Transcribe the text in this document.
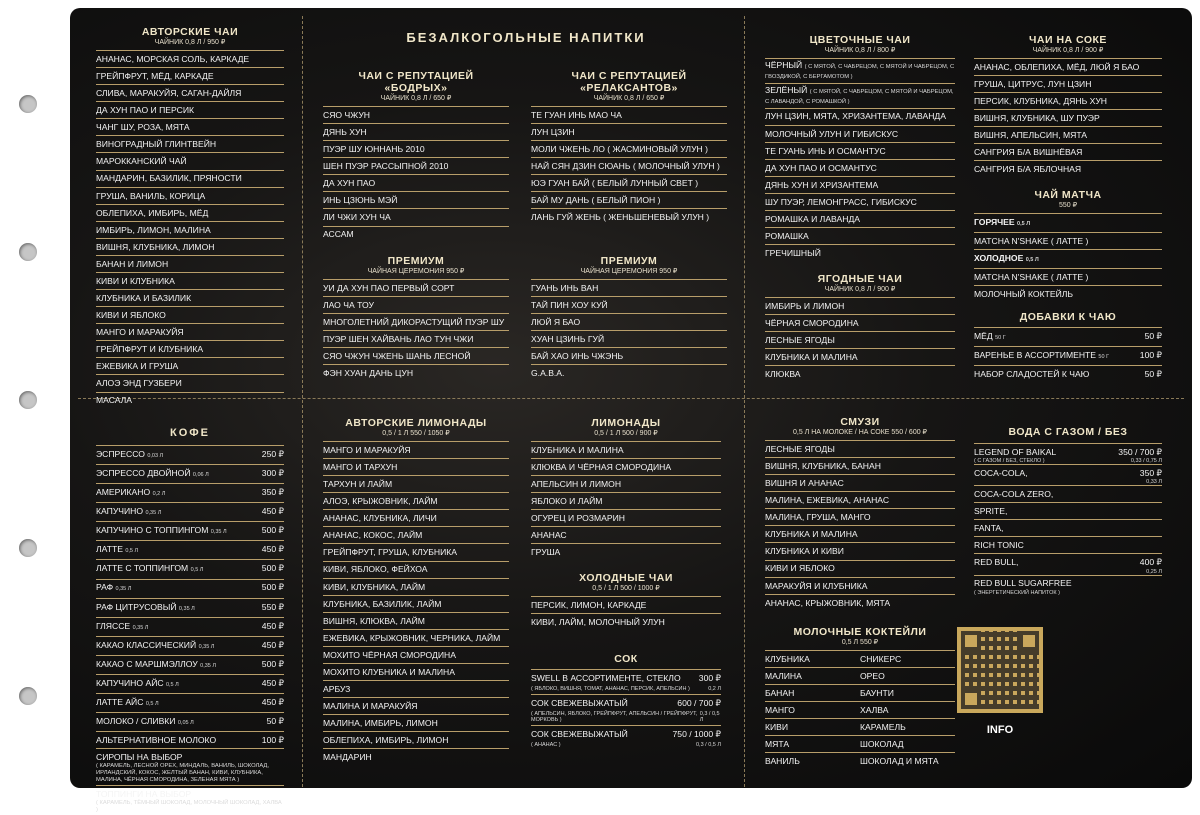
АВТОРСКИЕ ЧАИ
ЧАЙНИК 0,8 Л / 950 ₽
АНАНАС, МОРСКАЯ СОЛЬ, КАРКАДЕ
ГРЕЙПФРУТ, МЁД, КАРКАДЕ
СЛИВА, МАРАКУЙЯ, САГАН-ДАЙЛЯ
ДА ХУН ПАО И ПЕРСИК
ЧАНГ ШУ, РОЗА, МЯТА
ВИНОГРАДНЫЙ ГЛИНТВЕЙН
МАРОККАНСКИЙ ЧАЙ
МАНДАРИН, БАЗИЛИК, ПРЯНОСТИ
ГРУША, ВАНИЛЬ, КОРИЦА
ОБЛЕПИХА, ИМБИРЬ, МЁД
ИМБИРЬ, ЛИМОН, МАЛИНА
ВИШНЯ, КЛУБНИКА, ЛИМОН
БАНАН И ЛИМОН
КИВИ И КЛУБНИКА
КЛУБНИКА И БАЗИЛИК
КИВИ И ЯБЛОКО
МАНГО И МАРАКУЙЯ
ГРЕЙПФРУТ И КЛУБНИКА
ЕЖЕВИКА И ГРУША
АЛОЭ ЭНД ГУЗБЕРИ
МАСАЛА
БЕЗАЛКОГОЛЬНЫЕ НАПИТКИ
ЧАИ С РЕПУТАЦИЕЙ
«БОДРЫХ»
ЧАЙНИК 0,8 Л / 650 ₽
СЯО ЧЖУН
ДЯНЬ ХУН
ПУЭР ШУ ЮННАНЬ 2010
ШЕН ПУЭР РАССЫПНОЙ 2010
ДА ХУН ПАО
ИНЬ ЦЗЮНЬ МЭЙ
ЛИ ЧЖИ ХУН ЧА
АССАМ
ЧАИ С РЕПУТАЦИЕЙ
«РЕЛАКСАНТОВ»
ЧАЙНИК 0,8 Л / 650 ₽
ТЕ ГУАН ИНЬ МАО ЧА
ЛУН ЦЗИН
МОЛИ ЧЖЕНЬ ЛО ( ЖАСМИНОВЫЙ УЛУН )
НАЙ СЯН ДЗИН СЮАНЬ ( МОЛОЧНЫЙ УЛУН )
ЮЭ ГУАН БАЙ ( БЕЛЫЙ ЛУННЫЙ СВЕТ )
БАЙ МУ ДАНЬ ( БЕЛЫЙ ПИОН )
ЛАНЬ ГУЙ ЖЕНЬ ( ЖЕНЬШЕНЕВЫЙ УЛУН )
ПРЕМИУМ
ЧАЙНАЯ ЦЕРЕМОНИЯ 950 ₽
УИ ДА ХУН ПАО ПЕРВЫЙ СОРТ
ЛАО ЧА ТОУ
МНОГОЛЕТНИЙ ДИКОРАСТУЩИЙ ПУЭР ШУ
ПУЭР ШЕН ХАЙВАНЬ ЛАО ТУН ЧЖИ
СЯО ЧЖУН ЧЖЕНЬ ШАНЬ ЛЕСНОЙ
ФЭН ХУАН ДАНЬ ЦУН
ПРЕМИУМ
ЧАЙНАЯ ЦЕРЕМОНИЯ 950 ₽
ГУАНЬ ИНЬ ВАН
ТАЙ ПИН ХОУ КУЙ
ЛЮЙ Я БАО
ХУАН ЦЗИНЬ ГУЙ
БАЙ ХАО ИНЬ ЧЖЭНЬ
G.A.B.A.
ЦВЕТОЧНЫЕ ЧАИ
ЧАЙНИК 0,8 Л / 800 ₽
ЧЁРНЫЙ ( С МЯТОЙ, С ЧАБРЕЦОМ, С МЯТОЙ И ЧАБРЕЦОМ, С ГВОЗДИКОЙ, С БЕРГАМОТОМ )
ЗЕЛЁНЫЙ ( С МЯТОЙ, С ЧАБРЕЦОМ, С МЯТОЙ И ЧАБРЕЦОМ, С ЛАВАНДОЙ, С РОМАШКОЙ )
ЛУН ЦЗИН, МЯТА, ХРИЗАНТЕМА, ЛАВАНДА
МОЛОЧНЫЙ УЛУН И ГИБИСКУС
ТЕ ГУАНЬ ИНЬ И ОСМАНТУС
ДА ХУН ПАО И ОСМАНТУС
ДЯНЬ ХУН И ХРИЗАНТЕМА
ШУ ПУЭР, ЛЕМОНГРАСС, ГИБИСКУС
РОМАШКА И ЛАВАНДА
РОМАШКА
ГРЕЧИШНЫЙ
ЧАИ НА СОКЕ
ЧАЙНИК 0,8 Л / 900 ₽
АНАНАС, ОБЛЕПИХА, МЁД, ЛЮЙ Я БАО
ГРУША, ЦИТРУС, ЛУН ЦЗИН
ПЕРСИК, КЛУБНИКА, ДЯНЬ ХУН
ВИШНЯ, КЛУБНИКА, ШУ ПУЭР
ВИШНЯ, АПЕЛЬСИН, МЯТА
САНГРИЯ Б/А ВИШНЁВАЯ
САНГРИЯ Б/А ЯБЛОЧНАЯ
ЧАЙ МАТЧА
550 ₽
ГОРЯЧЕЕ 0,5 Л
MATCHA N'SHAKE ( ЛАТТЕ )
ХОЛОДНОЕ 0,5 Л
MATCHA N'SHAKE ( ЛАТТЕ )
МОЛОЧНЫЙ КОКТЕЙЛЬ
ДОБАВКИ К ЧАЮ
МЁД 50 Г	50 ₽
ВАРЕНЬЕ В АССОРТИМЕНТЕ 50 Г	100 ₽
НАБОР СЛАДОСТЕЙ К ЧАЮ	50 ₽
ЯГОДНЫЕ ЧАИ
ЧАЙНИК 0,8 Л / 900 ₽
ИМБИРЬ И ЛИМОН
ЧЁРНАЯ СМОРОДИНА
ЛЕСНЫЕ ЯГОДЫ
КЛУБНИКА И МАЛИНА
КЛЮКВА
КОФЕ
ЭСПРЕССО 0,03 Л	250 ₽
ЭСПРЕССО ДВОЙНОЙ 0,06 Л	300 ₽
АМЕРИКАНО 0,2 Л	350 ₽
КАПУЧИНО 0,35 Л	450 ₽
КАПУЧИНО С ТОППИНГОМ 0,35 Л	500 ₽
ЛАТТЕ 0,5 Л	450 ₽
ЛАТТЕ С ТОППИНГОМ 0,5 Л	500 ₽
РАФ 0,35 Л	500 ₽
РАФ ЦИТРУСОВЫЙ 0,35 Л	550 ₽
ГЛЯССЕ 0,35 Л	450 ₽
КАКАО КЛАССИЧЕСКИЙ 0,35 Л	450 ₽
КАКАО С МАРШМЭЛЛОУ 0,35 Л	500 ₽
КАПУЧИНО АЙС 0,5 Л	450 ₽
ЛАТТЕ АЙС 0,5 Л	450 ₽
МОЛОКО / СЛИВКИ 0,05 Л	50 ₽
АЛЬТЕРНАТИВНОЕ МОЛОКО	100 ₽
СИРОПЫ НА ВЫБОР
( КАРАМЕЛЬ, ЛЕСНОЙ ОРЕХ, МИНДАЛЬ, ВАНИЛЬ, ШОКОЛАД, ИРЛАНДСКИЙ, КОКОС, ЖЕЛТЫЙ БАНАН, КИВИ, КЛУБНИКА, МАЛИНА, ЧЁРНАЯ СМОРОДИНА, ЗЕЛЕНАЯ МЯТА )
ТОППИНГИ НА ВЫБОР
( КАРАМЕЛЬ, ТЁМНЫЙ ШОКОЛАД, МОЛОЧНЫЙ ШОКОЛАД, ХАЛВА )
АВТОРСКИЕ ЛИМОНАДЫ
0,5 / 1 Л 550 / 1050 ₽
МАНГО И МАРАКУЙЯ
МАНГО И ТАРХУН
ТАРХУН И ЛАЙМ
АЛОЭ, КРЫЖОВНИК, ЛАЙМ
АНАНАС, КЛУБНИКА, ЛИЧИ
АНАНАС, КОКОС, ЛАЙМ
ГРЕЙПФРУТ, ГРУША, КЛУБНИКА
КИВИ, ЯБЛОКО, ФЕЙХОА
КИВИ, КЛУБНИКА, ЛАЙМ
КЛУБНИКА, БАЗИЛИК, ЛАЙМ
ВИШНЯ, КЛЮКВА, ЛАЙМ
ЕЖЕВИКА, КРЫЖОВНИК, ЧЕРНИКА, ЛАЙМ
МОХИТО ЧЁРНАЯ СМОРОДИНА
МОХИТО КЛУБНИКА И МАЛИНА
АРБУЗ
МАЛИНА И МАРАКУЙЯ
МАЛИНА, ИМБИРЬ, ЛИМОН
ОБЛЕПИХА, ИМБИРЬ, ЛИМОН
МАНДАРИН
ЛИМОНАДЫ
0,5 / 1 Л 500 / 900 ₽
КЛУБНИКА И МАЛИНА
КЛЮКВА И ЧЁРНАЯ СМОРОДИНА
АПЕЛЬСИН И ЛИМОН
ЯБЛОКО И ЛАЙМ
ОГУРЕЦ И РОЗМАРИН
АНАНАС
ГРУША
ХОЛОДНЫЕ ЧАИ
0,5 / 1 Л 500 / 1000 ₽
ПЕРСИК, ЛИМОН, КАРКАДЕ
КИВИ, ЛАЙМ, МОЛОЧНЫЙ УЛУН
СОК
SWELL В АССОРТИМЕНТЕ, СТЕКЛО	300 ₽
( ЯБЛОКО, ВИШНЯ, ТОМАТ, АНАНАС, ПЕРСИК, АПЕЛЬСИН )	0,2 Л
СОК СВЕЖЕВЫЖАТЫЙ	600 / 700 ₽
( АПЕЛЬСИН, ЯБЛОКО, ГРЕЙПФРУТ, АПЕЛЬСИН / ГРЕЙПФРУТ, МОРКОВЬ )
0,3 / 0,5 Л
СОК СВЕЖЕВЫЖАТЫЙ	750 / 1000 ₽
( АНАНАС )	0,3 / 0,5 Л
СМУЗИ
0,5 Л НА МОЛОКЕ / НА СОКЕ 550 / 600 ₽
ЛЕСНЫЕ ЯГОДЫ
ВИШНЯ, КЛУБНИКА, БАНАН
ВИШНЯ И АНАНАС
МАЛИНА, ЕЖЕВИКА, АНАНАС
МАЛИНА, ГРУША, МАНГО
КЛУБНИКА И МАЛИНА
КЛУБНИКА И КИВИ
КИВИ И ЯБЛОКО
МАРАКУЙЯ И КЛУБНИКА
АНАНАС, КРЫЖОВНИК, МЯТА
МОЛОЧНЫЕ КОКТЕЙЛИ
0,5 Л 550 ₽
КЛУБНИКА	СНИКЕРС
МАЛИНА	ОРЕО
БАНАН	БАУНТИ
МАНГО	ХАЛВА
КИВИ	КАРАМЕЛЬ
МЯТА	ШОКОЛАД
ВАНИЛЬ	ШОКОЛАД И МЯТА
ВОДА С ГАЗОМ / БЕЗ
LEGEND OF BAIKAL	350 / 700 ₽
( С ГАЗОМ / БЕЗ, СТЕКЛО )	0,33 / 0,75 Л
COCA-COLA,	350 ₽
0,33 Л
COCA-COLA ZERO,
SPRITE,
FANTA,
RICH TONIC
RED BULL,	400 ₽
0,25 Л
RED BULL SUGARFREE
( ЭНЕРГЕТИЧЕСКИЙ НАПИТОК )
INFO
